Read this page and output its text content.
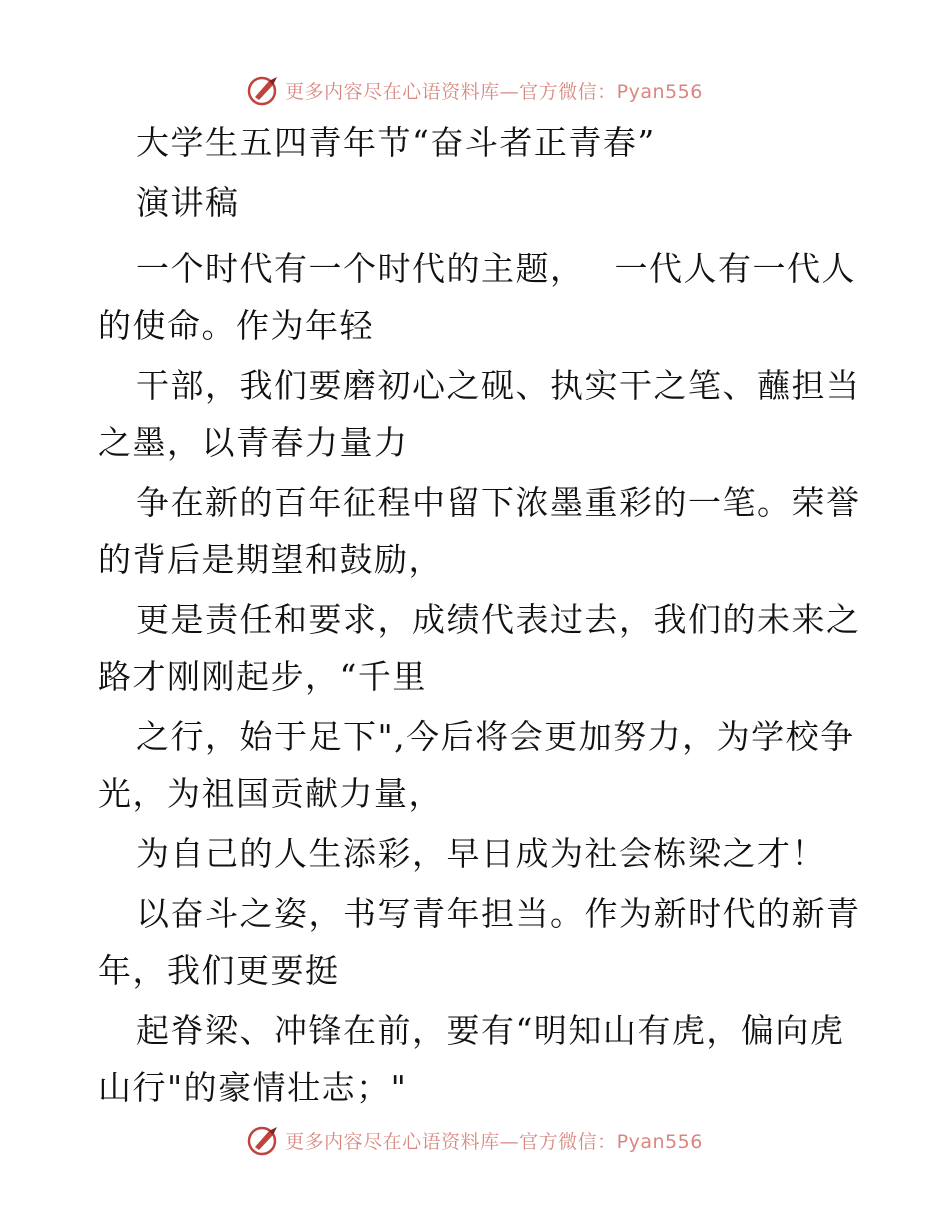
更多内容尽在心语资料库—官方微信：Pyan556

大学生五四青年节“奋斗者正青春”

演讲稿

一个时代有一个时代的主题，　 一代人有一代人

的使命。作为年轻

干部，我们要磨初心之砚、执实干之笔、蘸担当

之墨，以青春力量力

争在新的百年征程中留下浓墨重彩的一笔。荣誉

的背后是期望和鼓励，

更是责任和要求，成绩代表过去，我们的未来之

路才刚刚起步，“千里

之行，始于足下",今后将会更加努力，为学校争

光，为祖国贡献力量，

为自己的人生添彩，早日成为社会栋梁之才！

以奋斗之姿，书写青年担当。作为新时代的新青

年，我们更要挺

起脊梁、冲锋在前，要有“明知山有虎，偏向虎

山行"的豪情壮志；"

更多内容尽在心语资料库—官方微信：Pyan556
